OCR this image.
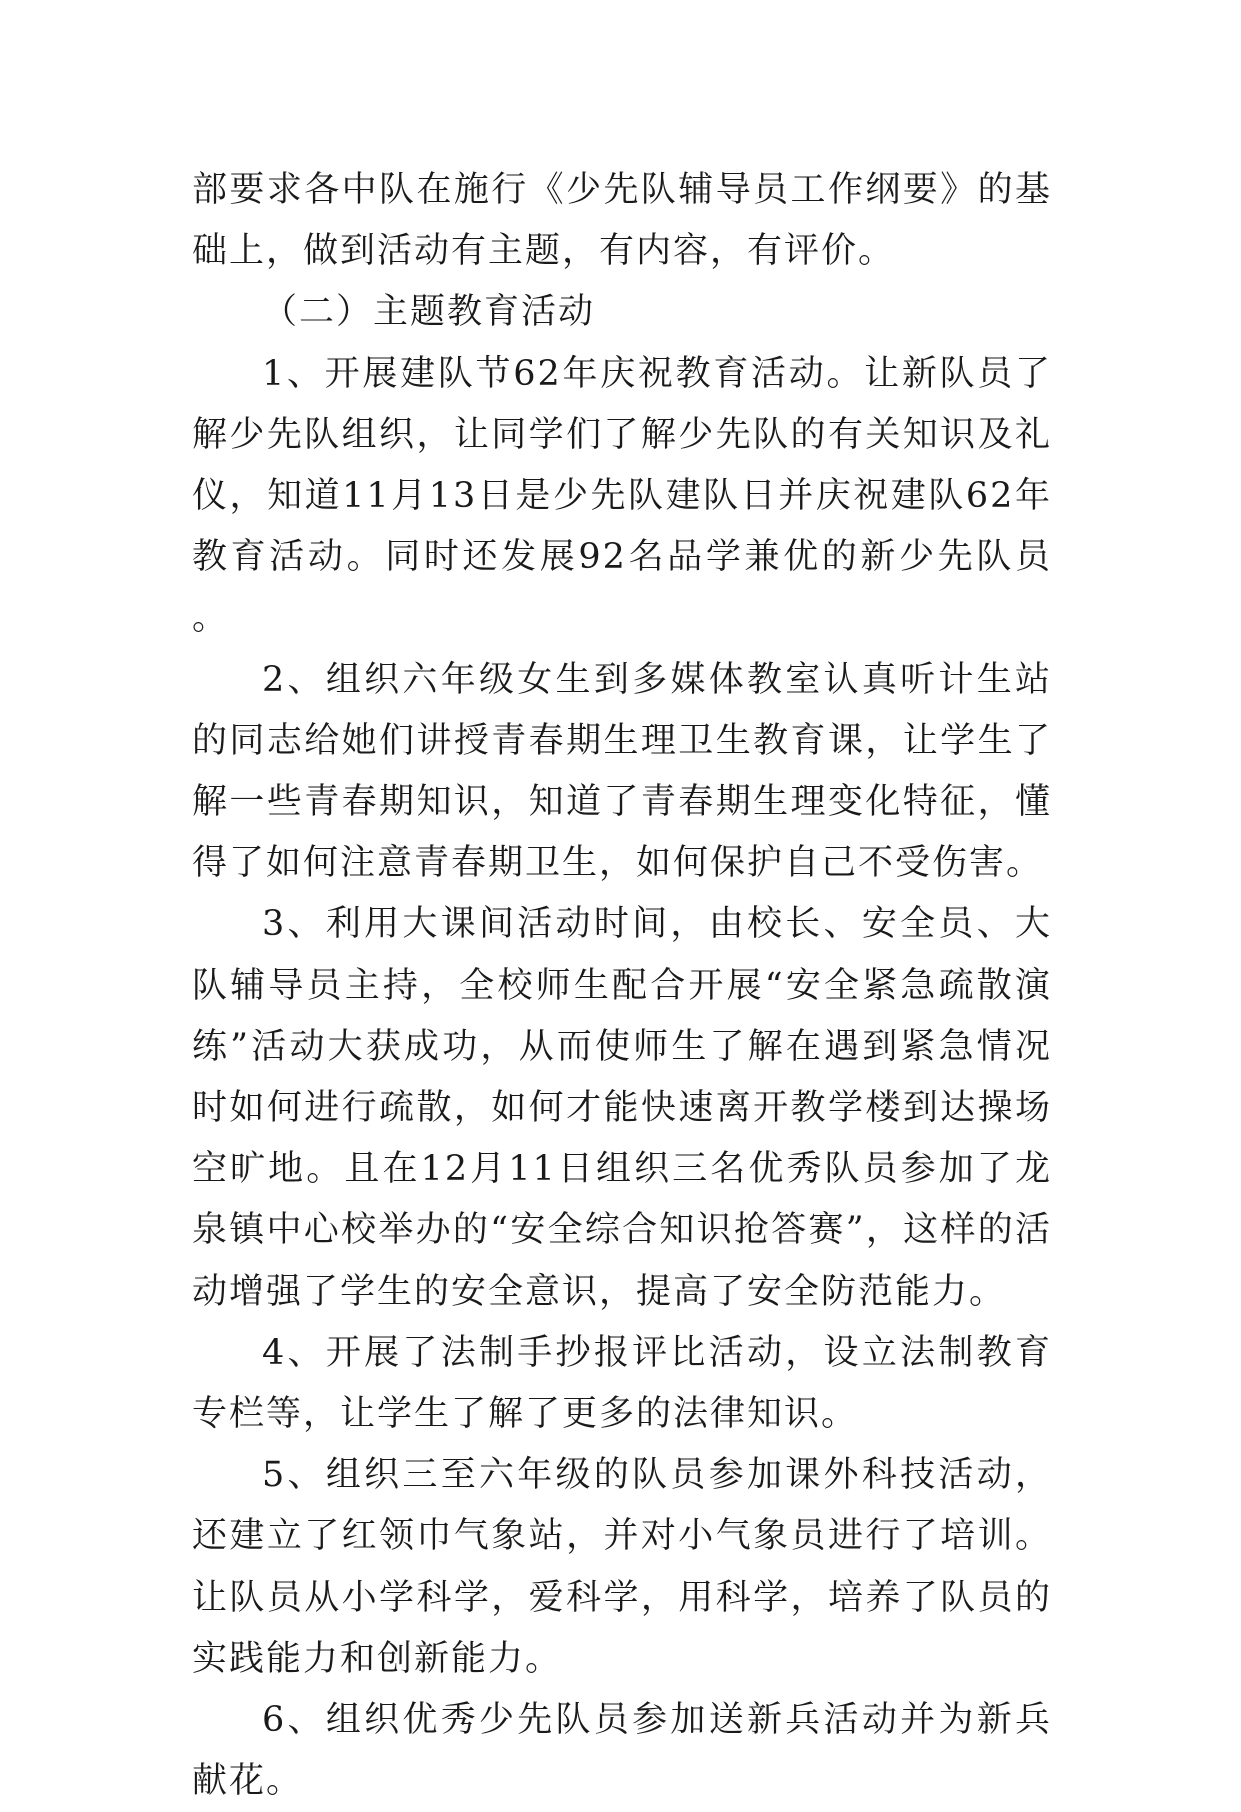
部要求各中队在施行《少先队辅导员工作纲要》的基础上，做到活动有主题，有内容，有评价。

（二）主题教育活动

1、开展建队节62年庆祝教育活动。让新队员了解少先队组织，让同学们了解少先队的有关知识及礼仪，知道11月13日是少先队建队日并庆祝建队62年教育活动。同时还发展92名品学兼优的新少先队员。

2、组织六年级女生到多媒体教室认真听计生站的同志给她们讲授青春期生理卫生教育课，让学生了解一些青春期知识，知道了青春期生理变化特征，懂得了如何注意青春期卫生，如何保护自己不受伤害。

3、利用大课间活动时间，由校长、安全员、大队辅导员主持，全校师生配合开展“安全紧急疏散演练”活动大获成功，从而使师生了解在遇到紧急情况时如何进行疏散，如何才能快速离开教学楼到达操场空旷地。且在12月11日组织三名优秀队员参加了龙泉镇中心校举办的“安全综合知识抢答赛”，这样的活动增强了学生的安全意识，提高了安全防范能力。

4、开展了法制手抄报评比活动，设立法制教育专栏等，让学生了解了更多的法律知识。

5、组织三至六年级的队员参加课外科技活动，还建立了红领巾气象站，并对小气象员进行了培训。让队员从小学科学，爱科学，用科学，培养了队员的实践能力和创新能力。

6、组织优秀少先队员参加送新兵活动并为新兵献花。
